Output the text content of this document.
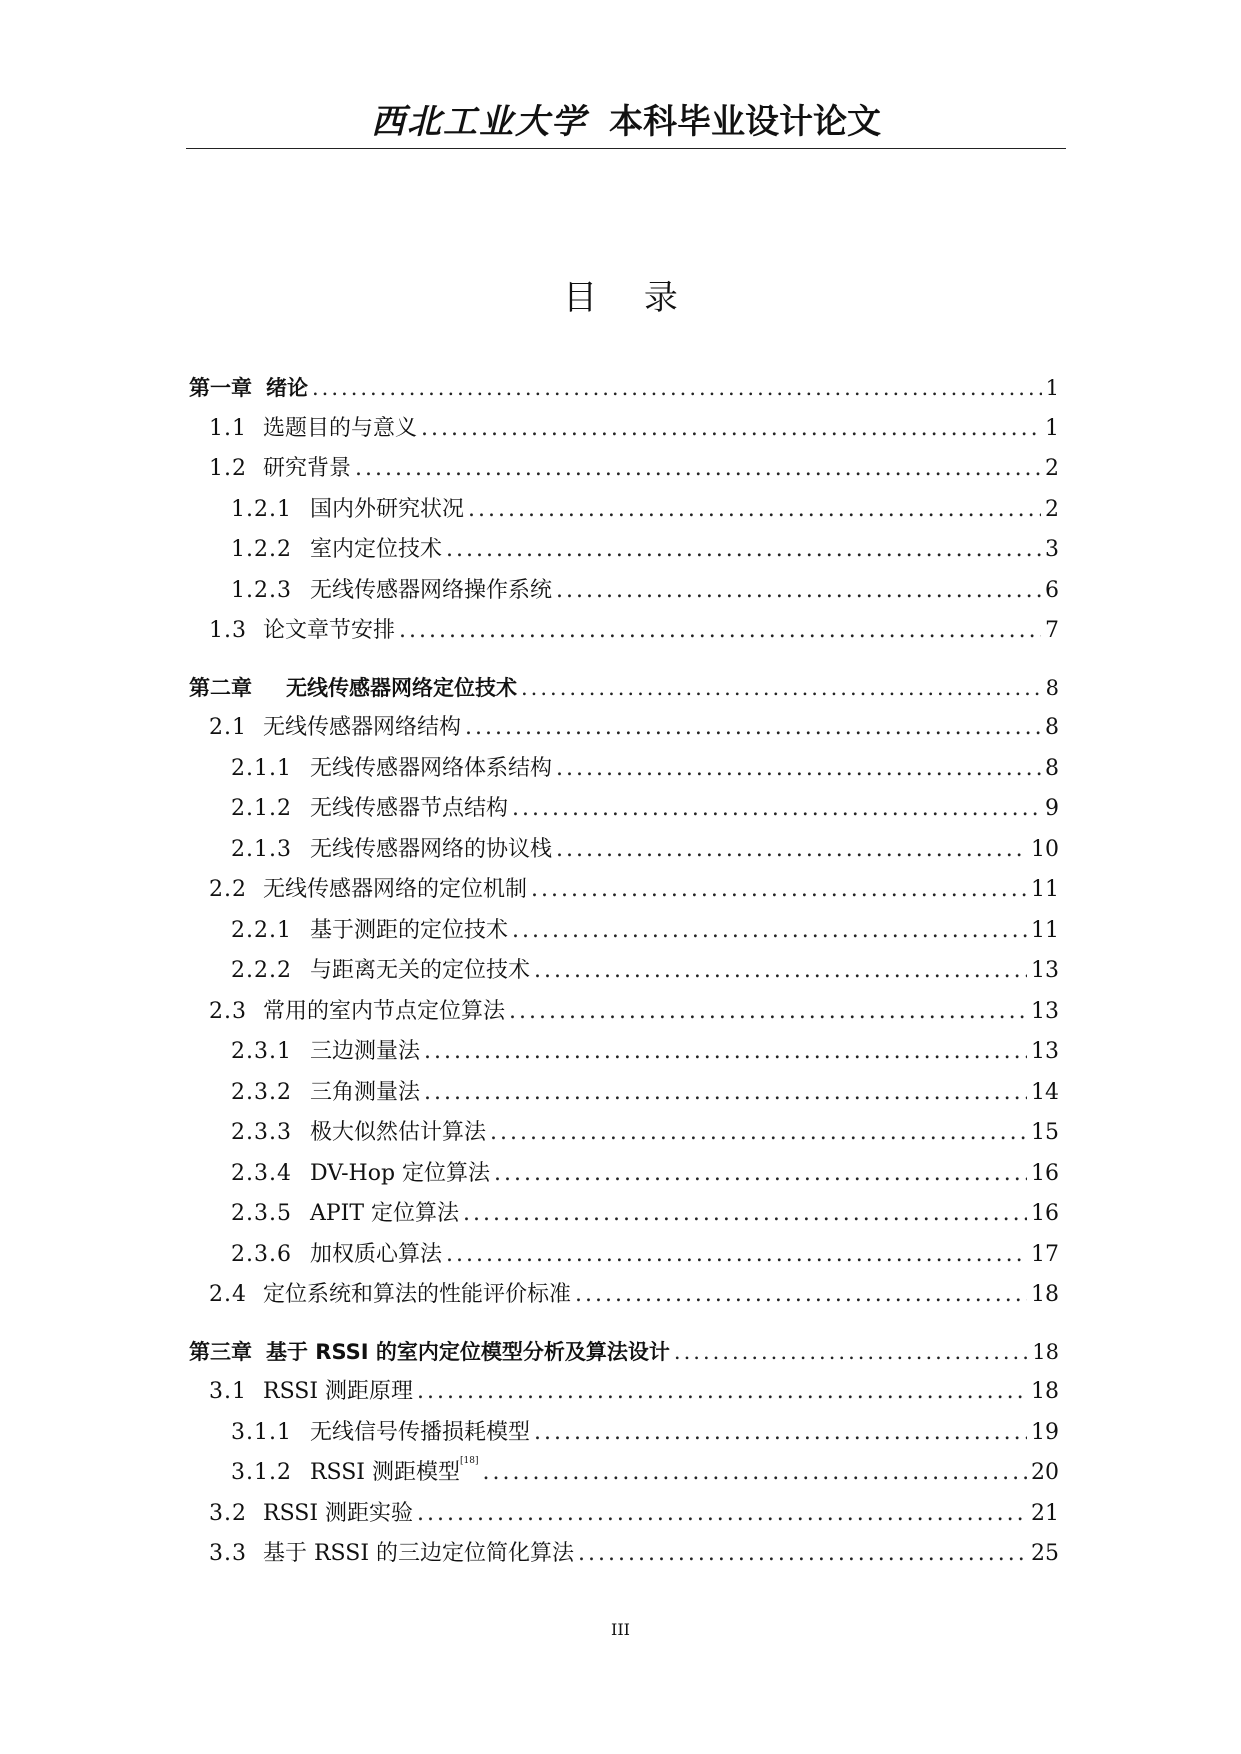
西北工业大学 本科毕业设计论文
目 录
第一章 绪论 .....	1
1.1 选题目的与意义 .....	1
1.2 研究背景 .....	2
1.2.1 国内外研究状况 .....	2
1.2.2 室内定位技术 .....	3
1.2.3 无线传感器网络操作系统 .....	6
1.3 论文章节安排 .....	7
第二章 无线传感器网络定位技术 .....	8
2.1 无线传感器网络结构 .....	8
2.1.1 无线传感器网络体系结构 .....	8
2.1.2 无线传感器节点结构 .....	9
2.1.3 无线传感器网络的协议栈 .....	10
2.2 无线传感器网络的定位机制 .....	11
2.2.1 基于测距的定位技术 .....	11
2.2.2 与距离无关的定位技术 .....	13
2.3 常用的室内节点定位算法 .....	13
2.3.1 三边测量法 .....	13
2.3.2 三角测量法 .....	14
2.3.3 极大似然估计算法 .....	15
2.3.4 DV-Hop 定位算法 .....	16
2.3.5 APIT 定位算法 .....	16
2.3.6 加权质心算法 .....	17
2.4 定位系统和算法的性能评价标准 .....	18
第三章 基于 RSSI 的室内定位模型分析及算法设计 .....	18
3.1 RSSI 测距原理 .....	18
3.1.1 无线信号传播损耗模型 .....	19
3.1.2 RSSI 测距模型[18] .....	20
3.2 RSSI 测距实验 .....	21
3.3 基于 RSSI 的三边定位简化算法 .....	25
III
